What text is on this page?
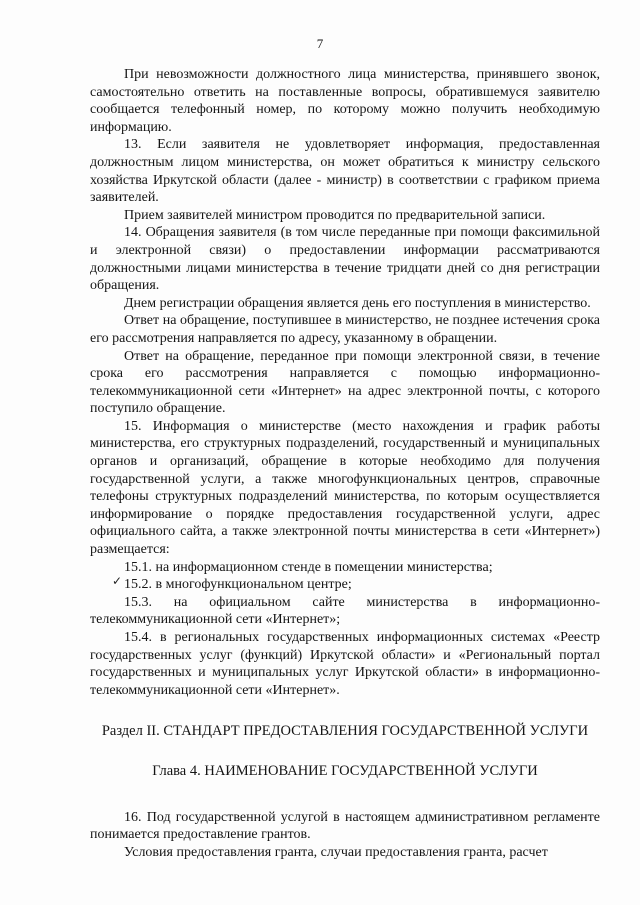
7

При невозможности должностного лица министерства, принявшего звонок, самостоятельно ответить на поставленные вопросы, обратившемуся заявителю сообщается телефонный номер, по которому можно получить необходимую информацию.

13. Если заявителя не удовлетворяет информация, предоставленная должностным лицом министерства, он может обратиться к министру сельского хозяйства Иркутской области (далее - министр) в соответствии с графиком приема заявителей.

Прием заявителей министром проводится по предварительной записи.

14. Обращения заявителя (в том числе переданные при помощи факсимильной и электронной связи) о предоставлении информации рассматриваются должностными лицами министерства в течение тридцати дней со дня регистрации обращения.

Днем регистрации обращения является день его поступления в министерство.

Ответ на обращение, поступившее в министерство, не позднее истечения срока его рассмотрения направляется по адресу, указанному в обращении.

Ответ на обращение, переданное при помощи электронной связи, в течение срока его рассмотрения направляется с помощью информационно-телекоммуникационной сети «Интернет» на адрес электронной почты, с которого поступило обращение.

15. Информация о министерстве (место нахождения и график работы министерства, его структурных подразделений, государственный и муниципальных органов и организаций, обращение в которые необходимо для получения государственной услуги, а также многофункциональных центров, справочные телефоны структурных подразделений министерства, по которым осуществляется информирование о порядке предоставления государственной услуги, адрес официального сайта, а также электронной почты министерства в сети «Интернет») размещается:

15.1. на информационном стенде в помещении министерства;

15.2. в многофункциональном центре;

15.3. на официальном сайте министерства в информационно-телекоммуникационной сети «Интернет»;

15.4. в региональных государственных информационных системах «Реестр государственных услуг (функций) Иркутской области» и «Региональный портал государственных и муниципальных услуг Иркутской области» в информационно-телекоммуникационной сети «Интернет».

Раздел II. СТАНДАРТ ПРЕДОСТАВЛЕНИЯ ГОСУДАРСТВЕННОЙ УСЛУГИ

Глава 4. НАИМЕНОВАНИЕ ГОСУДАРСТВЕННОЙ УСЛУГИ

16. Под государственной услугой в настоящем административном регламенте понимается предоставление грантов.

Условия предоставления гранта, случаи предоставления гранта, расчет

✓
